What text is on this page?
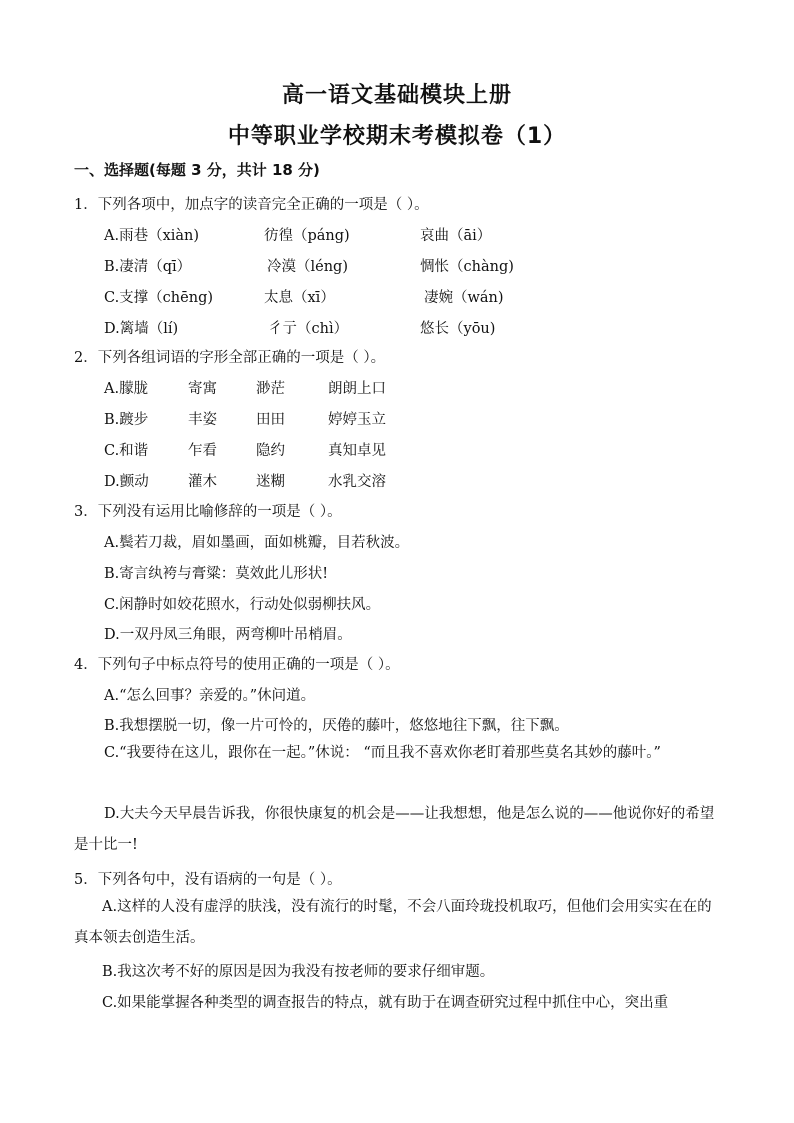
高一语文基础模块上册
中等职业学校期末考模拟卷（1）
一、选择题(每题 3 分，共计 18 分)
1．下列各项中，加点字的读音完全正确的一项是（ ）。
A.雨巷（xiàn)	彷徨（páng)	哀曲（āi）
B.凄清（qī）	冷漠（léng)	惆怅（chàng)
C.支撑（chēng)	太息（xī）	凄婉（wán)
D.篱墙（lí)	彳亍（chì）	悠长（yōu)
2．下列各组词语的字形全部正确的一项是（ ）。
A.朦胧	寄寓	渺茫	朗朗上口
B.踱步	丰姿	田田	婷婷玉立
C.和谐	乍看	隐约	真知卓见
D.颤动	灌木	迷糊	水乳交溶
3．下列没有运用比喻修辞的一项是（ ）。
A.鬓若刀裁，眉如墨画，面如桃瓣，目若秋波。
B.寄言纨袴与膏粱：莫效此儿形状!
C.闲静时如姣花照水，行动处似弱柳扶风。
D.一双丹凤三角眼，两弯柳叶吊梢眉。
4．下列句子中标点符号的使用正确的一项是（ ）。
A.“怎么回事？亲爱的。”休问道。
B.我想摆脱一切，像一片可怜的，厌倦的藤叶，悠悠地往下飘，往下飘。
C.“我要待在这儿，跟你在一起。”休说： “而且我不喜欢你老盯着那些莫名其妙的藤叶。”
D.大夫今天早晨告诉我，你很快康复的机会是——让我想想，他是怎么说的——他说你好的希望是十比一!
5．下列各句中，没有语病的一句是（ ）。
A.这样的人没有虚浮的肤浅，没有流行的时髦，不会八面玲珑投机取巧，但他们会用实实在在的真本领去创造生活。
B.我这次考不好的原因是因为我没有按老师的要求仔细审题。
C.如果能掌握各种类型的调查报告的特点，就有助于在调查研究过程中抓住中心，突出重
